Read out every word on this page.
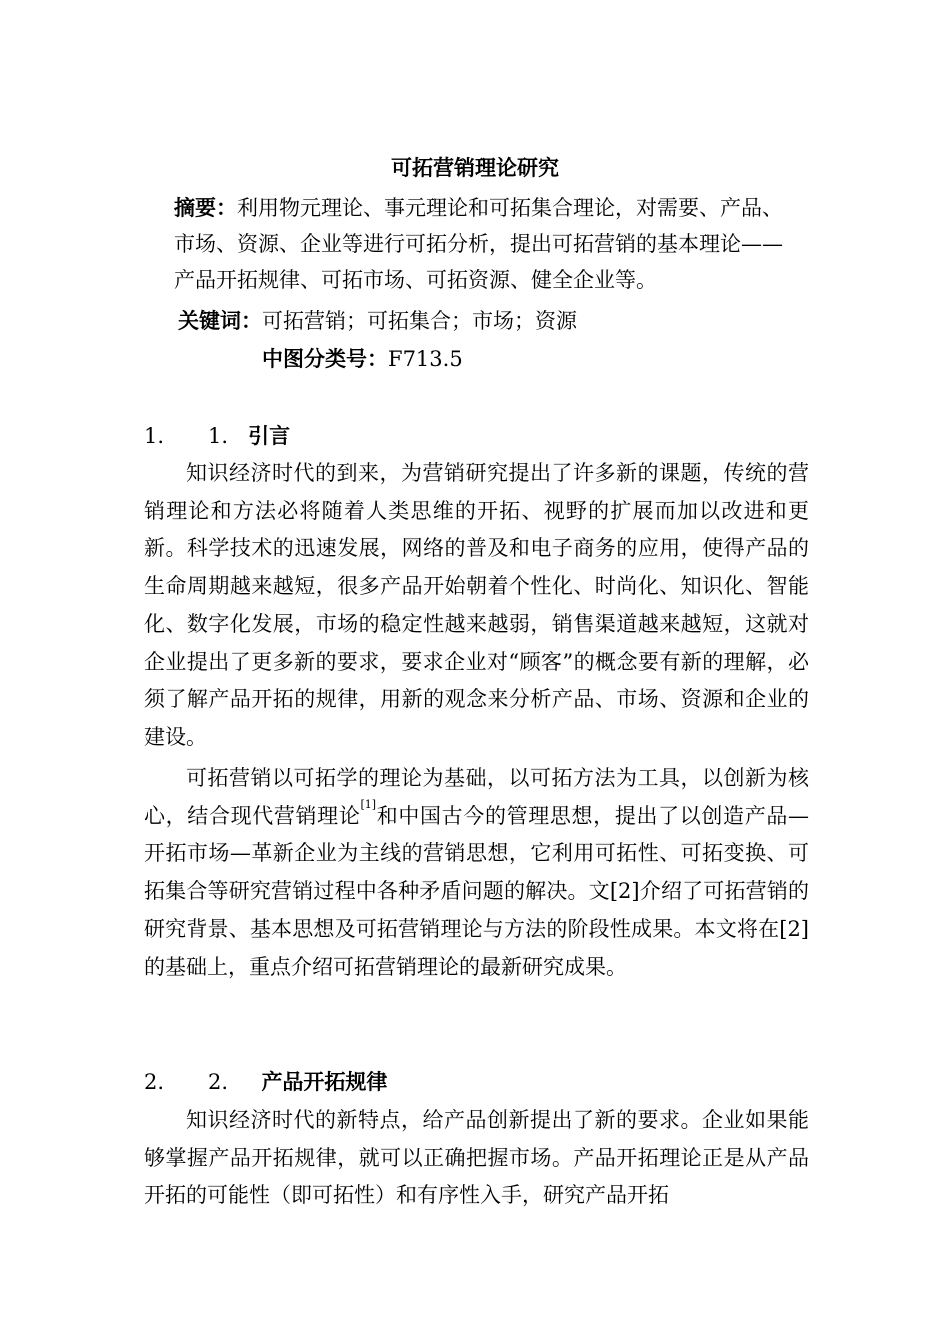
可拓营销理论研究
摘要：利用物元理论、事元理论和可拓集合理论，对需要、产品、市场、资源、企业等进行可拓分析，提出可拓营销的基本理论——产品开拓规律、可拓市场、可拓资源、健全企业等。
关键词：可拓营销；可拓集合；市场；资源
中图分类号：F713.5
1. 1. 引言
知识经济时代的到来，为营销研究提出了许多新的课题，传统的营销理论和方法必将随着人类思维的开拓、视野的扩展而加以改进和更新。科学技术的迅速发展，网络的普及和电子商务的应用，使得产品的生命周期越来越短，很多产品开始朝着个性化、时尚化、知识化、智能化、数字化发展，市场的稳定性越来越弱，销售渠道越来越短，这就对企业提出了更多新的要求，要求企业对“顾客”的概念要有新的理解，必须了解产品开拓的规律，用新的观念来分析产品、市场、资源和企业的建设。
可拓营销以可拓学的理论为基础，以可拓方法为工具，以创新为核心，结合现代营销理论[1]和中国古今的管理思想，提出了以创造产品—开拓市场—革新企业为主线的营销思想，它利用可拓性、可拓变换、可拓集合等研究营销过程中各种矛盾问题的解决。文[2]介绍了可拓营销的研究背景、基本思想及可拓营销理论与方法的阶段性成果。本文将在[2]的基础上，重点介绍可拓营销理论的最新研究成果。
2. 2. 产品开拓规律
知识经济时代的新特点，给产品创新提出了新的要求。企业如果能够掌握产品开拓规律，就可以正确把握市场。产品开拓理论正是从产品开拓的可能性（即可拓性）和有序性入手，研究产品开拓
